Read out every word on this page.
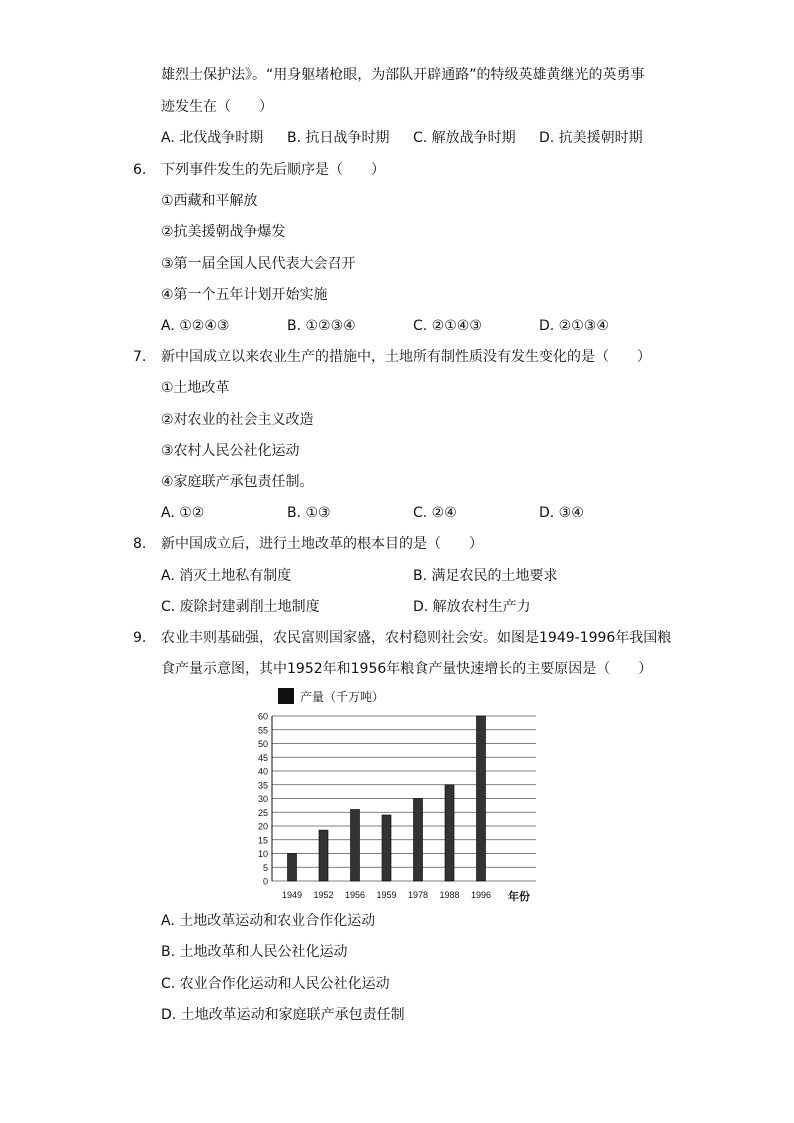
雄烈士保护法》。“用身躯堵枪眼，为部队开辟通路”的特级英雄黄继光的英勇事
迹发生在（　　）
A. 北伐战争时期 B. 抗日战争时期 C. 解放战争时期 D. 抗美援朝时期
6. 下列事件发生的先后顺序是（　　）
①西藏和平解放
②抗美援朝战争爆发
③第一届全国人民代表大会召开
④第一个五年计划开始实施
A. ①②④③	B. ①②③④	C. ②①④③	D. ②①③④
7. 新中国成立以来农业生产的措施中，土地所有制性质没有发生变化的是（　　）
①土地改革
②对农业的社会主义改造
③农村人民公社化运动
④家庭联产承包责任制。
A. ①②	B. ①③	C. ②④	D. ③④
8. 新中国成立后，进行土地改革的根本目的是（　　）
A. 消灭土地私有制度	B. 满足农民的土地要求
C. 废除封建剥削土地制度	D. 解放农村生产力
9. 农业丰则基础强，农民富则国家盛，农村稳则社会安。如图是1949-1996年我国粮
食产量示意图，其中1952年和1956年粮食产量快速增长的主要原因是（　　）
产量（千万吨）
0
5
10
15
20
25
30
35
40
45
50
55
60
1949 1952 1956 1959 1978 1988 1996 年份
A. 土地改革运动和农业合作化运动
B. 土地改革和人民公社化运动
C. 农业合作化运动和人民公社化运动
D. 土地改革运动和家庭联产承包责任制
